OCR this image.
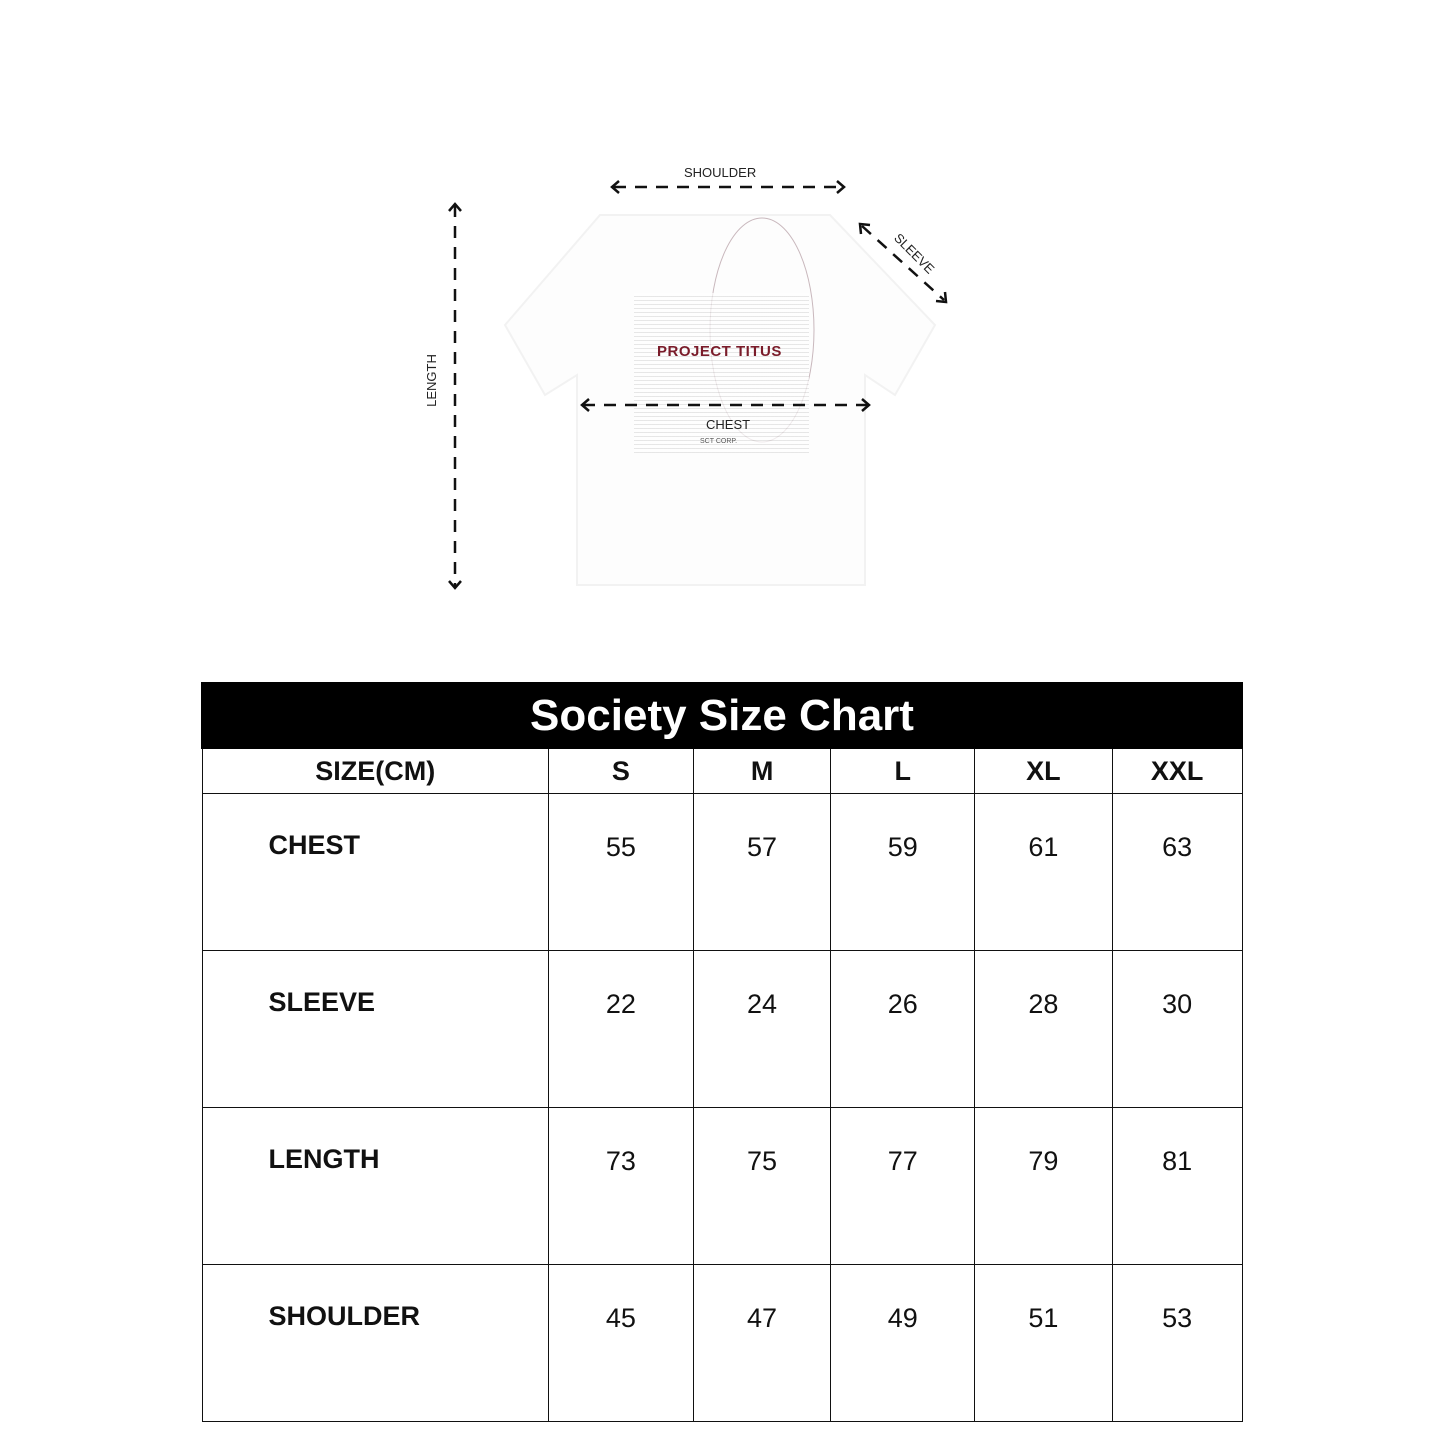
PROJECT TITUS
SCT CORP.
SHOULDER
CHEST
LENGTH
SLEEVE
Society Size Chart					
SIZE(CM)	S	M	L	XL	XXL
CHEST	55	57	59	61	63
SLEEVE	22	24	26	28	30
LENGTH	73	75	77	79	81
SHOULDER	45	47	49	51	53
